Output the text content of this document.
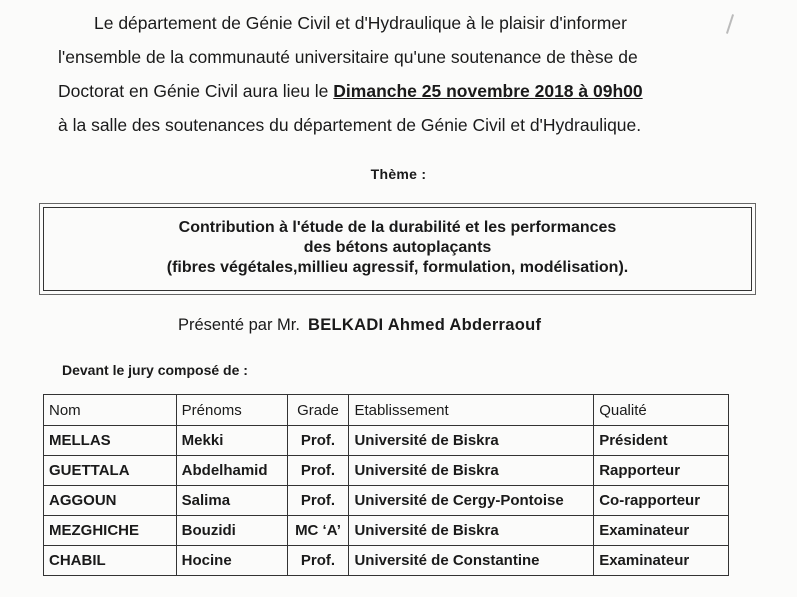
Le département de Génie Civil et d'Hydraulique à le plaisir d'informer
l'ensemble de la communauté universitaire qu'une soutenance de thèse de
Doctorat en Génie Civil aura lieu le Dimanche 25 novembre 2018 à 09h00
à la salle des soutenances du département de Génie Civil et d'Hydraulique.
Thème :
Contribution à l'étude de la durabilité et les performances
des bétons autoplaçants
(fibres végétales,millieu agressif, formulation, modélisation).
Présenté par Mr. BELKADI Ahmed Abderraouf
Devant le jury composé de :
Nom	Prénoms	Grade	Etablissement	Qualité
MELLAS	Mekki	Prof.	Université de Biskra	Président
GUETTALA	Abdelhamid	Prof.	Université de Biskra	Rapporteur
AGGOUN	Salima	Prof.	Université de Cergy-Pontoise	Co-rapporteur
MEZGHICHE	Bouzidi	MC ‘A’	Université de Biskra	Examinateur
CHABIL	Hocine	Prof.	Université de Constantine	Examinateur
